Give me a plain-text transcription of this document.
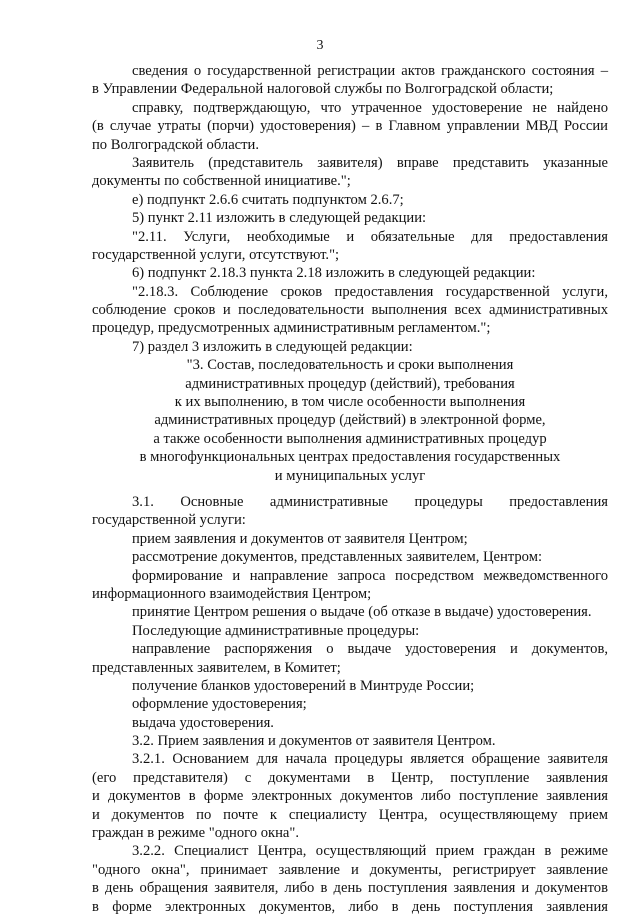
3
сведения о государственной регистрации актов гражданского состояния –
в Управлении Федеральной налоговой службы по Волгоградской области;
справку, подтверждающую, что утраченное удостоверение не найдено
(в случае утраты (порчи) удостоверения) – в Главном управлении МВД России
по Волгоградской области.
Заявитель (представитель заявителя) вправе представить указанные
документы по собственной инициативе.";
е) подпункт 2.6.6 считать подпунктом 2.6.7;
5) пункт 2.11 изложить в следующей редакции:
"2.11. Услуги, необходимые и обязательные для предоставления
государственной услуги, отсутствуют.";
6) подпункт 2.18.3 пункта 2.18 изложить в следующей редакции:
"2.18.3. Соблюдение сроков предоставления государственной услуги,
соблюдение сроков и последовательности выполнения всех административных
процедур, предусмотренных административным регламентом.";
7) раздел 3 изложить в следующей редакции:
"3. Состав, последовательность и сроки выполнения
административных процедур (действий), требования
к их выполнению, в том числе особенности выполнения
административных процедур (действий) в электронной форме,
а также особенности выполнения административных процедур
в многофункциональных центрах предоставления государственных
и муниципальных услуг
3.1. Основные административные процедуры предоставления
государственной услуги:
прием заявления и документов от заявителя Центром;
рассмотрение документов, представленных заявителем, Центром:
формирование и направление запроса посредством межведомственного
информационного взаимодействия Центром;
принятие Центром решения о выдаче (об отказе в выдаче) удостоверения.
Последующие административные процедуры:
направление распоряжения о выдаче удостоверения и документов,
представленных заявителем, в Комитет;
получение бланков удостоверений в Минтруде России;
оформление удостоверения;
выдача удостоверения.
3.2. Прием заявления и документов от заявителя Центром.
3.2.1. Основанием для начала процедуры является обращение заявителя
(его представителя) с документами в Центр, поступление заявления
и документов в форме электронных документов либо поступление заявления
и документов по почте к специалисту Центра, осуществляющему прием
граждан в режиме "одного окна".
3.2.2. Специалист Центра, осуществляющий прием граждан в режиме
"одного окна", принимает заявление и документы, регистрирует заявление
в день обращения заявителя, либо в день поступления заявления и документов
в форме электронных документов, либо в день поступления заявления
